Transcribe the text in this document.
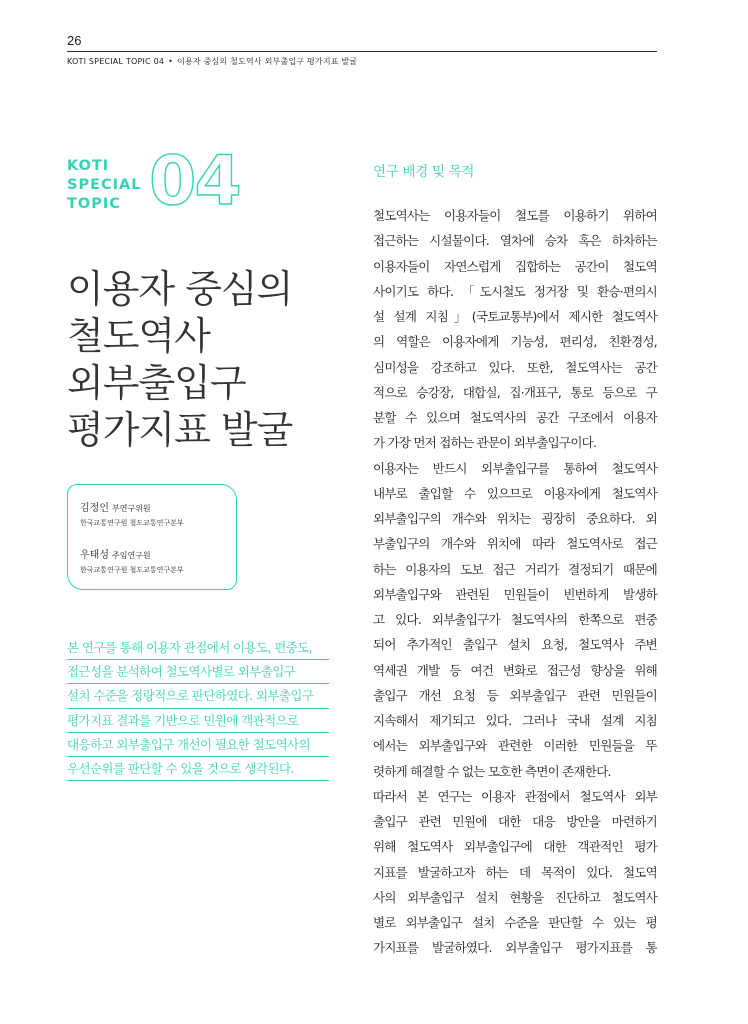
26
KOTI SPECIAL TOPIC 04 • 이용자 중심의 철도역사 외부출입구 평가지표 발굴
KOTI
SPECIAL
TOPIC 04
이용자 중심의
철도역사
외부출입구
평가지표 발굴
김정인 부연구위원
한국교통연구원 철도교통연구본부
우태성 주임연구원
한국교통연구원 철도교통연구본부
본 연구를 통해 이용자 관점에서 이용도, 편중도,
접근성을 분석하여 철도역사별로 외부출입구
설치 수준을 정량적으로 판단하였다. 외부출입구
평가지표 결과를 기반으로 민원에 객관적으로
대응하고 외부출입구 개선이 필요한 철도역사의
우선순위를 판단할 수 있을 것으로 생각된다.
연구 배경 및 목적
철도역사는 이용자들이 철도를 이용하기 위하여
접근하는 시설물이다. 열차에 승차 혹은 하차하는
이용자들이 자연스럽게 집합하는 공간이 철도역
사이기도 하다. 「도시철도 정거장 및 환승·편의시
설 설계 지침」(국토교통부)에서 제시한 철도역사
의 역할은 이용자에게 기능성, 편리성, 친환경성,
심미성을 강조하고 있다. 또한, 철도역사는 공간
적으로 승강장, 대합실, 집·개표구, 통로 등으로 구
분할 수 있으며 철도역사의 공간 구조에서 이용자
가 가장 먼저 접하는 관문이 외부출입구이다.
이용자는 반드시 외부출입구를 통하여 철도역사
내부로 출입할 수 있으므로 이용자에게 철도역사
외부출입구의 개수와 위치는 굉장히 중요하다. 외
부출입구의 개수와 위치에 따라 철도역사로 접근
하는 이용자의 도보 접근 거리가 결정되기 때문에
외부출입구와 관련된 민원들이 빈번하게 발생하
고 있다. 외부출입구가 철도역사의 한쪽으로 편중
되어 추가적인 출입구 설치 요청, 철도역사 주변
역세권 개발 등 여건 변화로 접근성 향상을 위해
출입구 개선 요청 등 외부출입구 관련 민원들이
지속해서 제기되고 있다. 그러나 국내 설계 지침
에서는 외부출입구와 관련한 이러한 민원들을 뚜
렷하게 해결할 수 없는 모호한 측면이 존재한다.
따라서 본 연구는 이용자 관점에서 철도역사 외부
출입구 관련 민원에 대한 대응 방안을 마련하기
위해 철도역사 외부출입구에 대한 객관적인 평가
지표를 발굴하고자 하는 데 목적이 있다. 철도역
사의 외부출입구 설치 현황을 진단하고 철도역사
별로 외부출입구 설치 수준을 판단할 수 있는 평
가지표를 발굴하였다. 외부출입구 평가지표를 통
